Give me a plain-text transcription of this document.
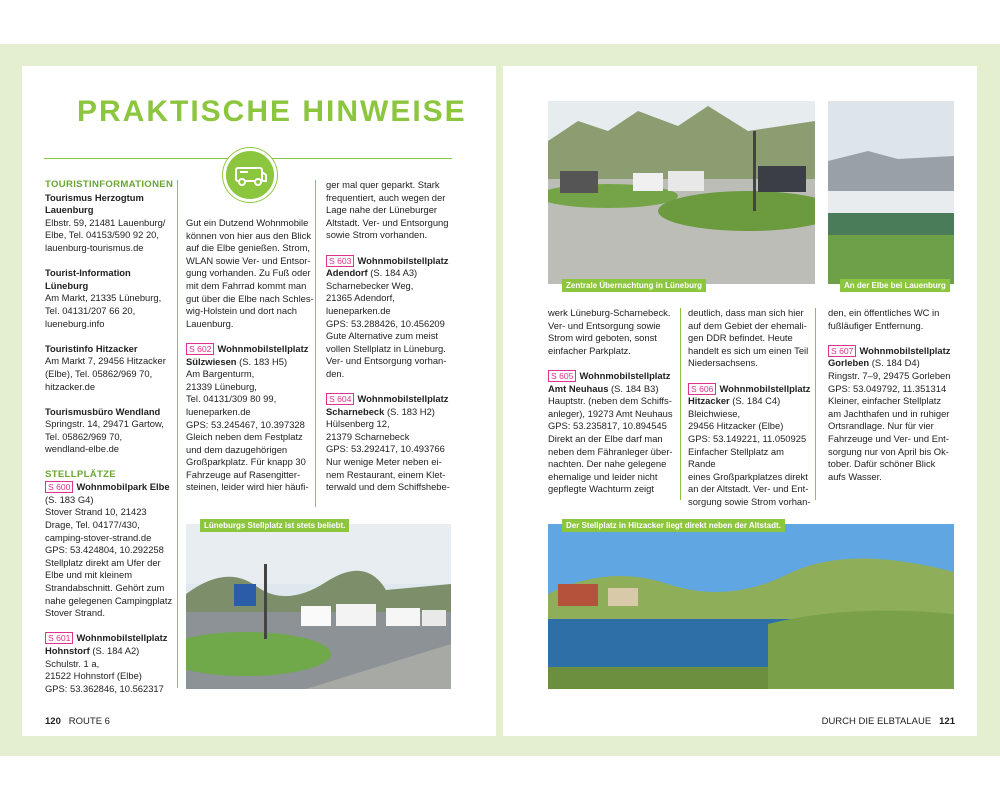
PRAKTISCHE HINWEISE
TOURISTINFORMATIONEN

Tourismus Herzogtum Lauenburg
Elbstr. 59, 21481 Lauenburg/
Elbe, Tel. 04153/590 92 20,
lauenburg-tourismus.de

Tourist-Information Lüneburg
Am Markt, 21335 Lüneburg,
Tel. 04131/207 66 20,
lueneburg.info

Touristinfo Hitzacker
Am Markt 7, 29456 Hitzacker
(Elbe), Tel. 05862/969 70,
hitzacker.de

Tourismusbüro Wendland
Springstr. 14, 29471 Gartow,
Tel. 05862/969 70,
wendland-elbe.de

STELLPLÄTZE

S 600 Wohnmobilpark Elbe
(S. 183 G4)
Stover Strand 10, 21423
Drage, Tel. 04177/430,
camping-stover-strand.de
GPS: 53.424804, 10.292258
Stellplatz direkt am Ufer der
Elbe und mit kleinem
Strandabschnitt. Gehört zum
nahe gelegenen Campingplatz
Stover Strand.

S 601 Wohnmobilstellplatz
Hohnstorf (S. 184 A2)
Schulstr. 1 a,
21522 Hohnstorf (Elbe)
GPS: 53.362846, 10.562317

Gut ein Dutzend Wohnmobile
können von hier aus den Blick
auf die Elbe genießen. Strom,
WLAN sowie Ver- und Entsor-
gung vorhanden. Zu Fuß oder
mit dem Fahrrad kommt man
gut über die Elbe nach Schles-
wig-Holstein und dort nach
Lauenburg.

S 602 Wohnmobilstellplatz
Sülzwiesen (S. 183 H5)
Am Bargenturm,
21339 Lüneburg,
Tel. 04131/309 80 99,
lueneparken.de
GPS: 53.245467, 10.397328
Gleich neben dem Festplatz
und dem dazugehörigen
Großparkplatz. Für knapp 30
Fahrzeuge auf Rasengitter-
steinen, leider wird hier häufi-

ger mal quer geparkt. Stark
frequentiert, auch wegen der
Lage nahe der Lüneburger
Altstadt. Ver- und Entsorgung
sowie Strom vorhanden.

S 603 Wohnmobilstellplatz
Adendorf (S. 184 A3)
Scharnebecker Weg,
21365 Adendorf,
lueneparken.de
GPS: 53.288426, 10.456209
Gute Alternative zum meist
vollen Stellplatz in Lüneburg.
Ver- und Entsorgung vorhan-
den.

S 604 Wohnmobilstellplatz
Scharnebeck (S. 183 H2)
Hülsenberg 12,
21379 Scharnebeck
GPS: 53.292417, 10.493766
Nur wenige Meter neben ei-
nem Restaurant, einem Klet-
terwald und dem Schiffshebe-

werk Lüneburg-Scharnebeck.
Ver- und Entsorgung sowie
Strom wird geboten, sonst
einfacher Parkplatz.

S 605 Wohnmobilstellplatz
Amt Neuhaus (S. 184 B3)
Hauptstr. (neben dem Schiffs-
anleger), 19273 Amt Neuhaus
GPS: 53.235817, 10.894545
Direkt an der Elbe darf man
neben dem Fähranleger über-
nachten. Der nahe gelegene
ehemalige und leider nicht
gepflegte Wachturm zeigt

deutlich, dass man sich hier
auf dem Gebiet der ehemali-
gen DDR befindet. Heute
handelt es sich um einen Teil
Niedersachsens.

S 606 Wohnmobilstellplatz
Hitzacker (S. 184 C4)
Bleichwiese,
29456 Hitzacker (Elbe)
GPS: 53.149221, 11.050925
Einfacher Stellplatz am Rande
eines Großparkplatzes direkt
an der Altstadt. Ver- und Ent-
sorgung sowie Strom vorhan-

den, ein öffentliches WC in
fußläufiger Entfernung.

S 607 Wohnmobilstellplatz
Gorleben (S. 184 D4)
Ringstr. 7–9, 29475 Gorleben
GPS: 53.049792, 11.351314
Kleiner, einfacher Stellplatz
am Jachthafen und in ruhiger
Ortsrandlage. Nur für vier
Fahrzeuge und Ver- und Ent-
sorgung nur von April bis Ok-
tober. Dafür schöner Blick
aufs Wasser.

Lüneburgs Stellplatz ist stets beliebt.
Zentrale Übernachtung in Lüneburg	An der Elbe bei Lauenburg
Der Stellplatz in Hitzacker liegt direkt neben der Altstadt.
120 ROUTE 6	DURCH DIE ELBTALAUE 121
